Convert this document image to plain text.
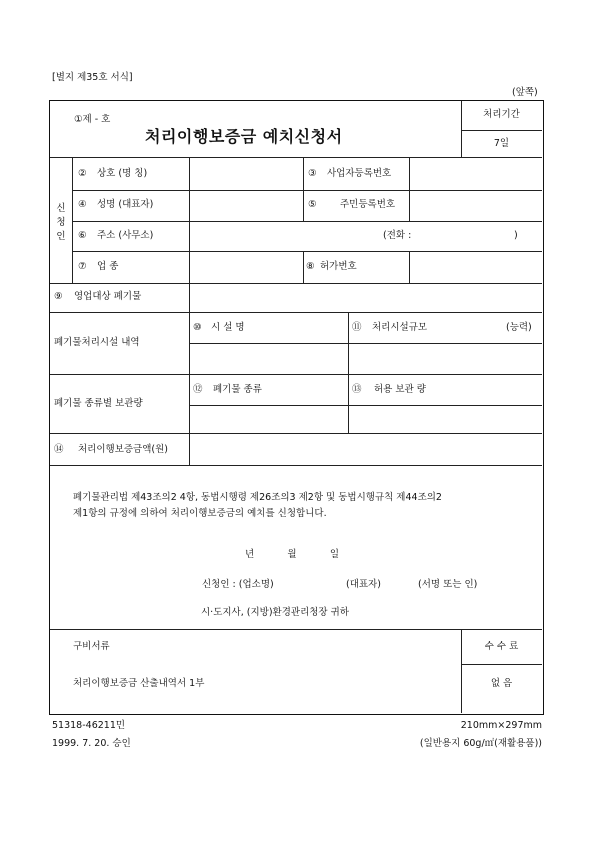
[별지 제35호 서식]
(앞쪽)
①제 - 호
처리이행보증금 예치신청서
처리기간
7일
신
청
인
② 상호 (명 칭)	③ 사업자등록번호
④ 성명 (대표자)	⑤ 주민등록번호
⑥ 주소 (사무소)	(전화 :	)
⑦ 업 종	⑧ 허가번호
⑨ 영업대상 폐기물
폐기물처리시설 내역
⑩ 시 설 명	⑪ 처리시설규모	(능력)
폐기물 종류별 보관량
⑫ 폐기물 종류	⑬ 허용 보관 량
⑭ 처리이행보증금액(원)
폐기물관리법 제43조의2 4항, 동법시행령 제26조의3 제2항 및 동법시행규칙 제44조의2
제1항의 규정에 의하여 처리이행보증금의 예치를 신청합니다.
년	월	일
신청인 : (업소명)	(대표자)	(서명 또는 인)
시·도지사, (지방)환경관리청장 귀하
구비서류
처리이행보증금 산출내역서 1부
수 수 료
없 음
51318-46211민
1999. 7. 20. 승인
210mm×297mm
(일반용지 60g/㎡(재활용품))
